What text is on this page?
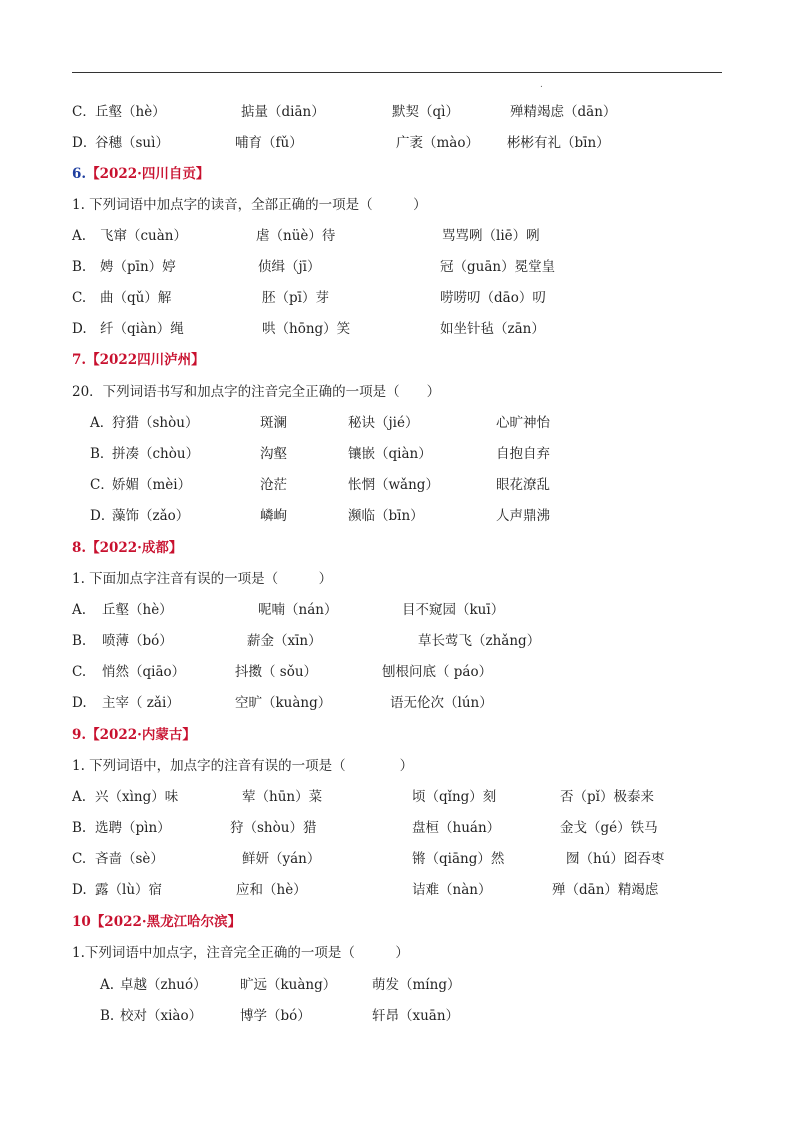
.
C． 丘壑（hè）	掂量（diān）	默契（qì）	殚精竭虑（dān）
D．
谷穗（suì）	哺育（fǔ）	广袤（mào） 彬彬有礼（bīn）
6.【2022·四川自贡】
1. 下列词语中加点字的读音，全部正确的一项是（　　　）
A. 飞窜（cuàn）	虐（nüè）待	骂骂咧（liē）咧
B. 娉（pīn）婷	侦缉（jī）	冠（guān）冕堂皇
C. 曲（qǔ）解	胚（pī）芽	唠唠叨（dāo）叨
D. 纤（qiàn）绳	哄（hōng）笑	如坐针毡（zān）
7.【2022四川泸州】
20．下列词语书写和加点字的注音完全正确的一项是（　　）
A．
狩猎（shòu）	斑澜	秘诀（jié）	心旷神怡
B．
拼凑（chòu）	沟壑	镶嵌（qiàn）	自抱自弃
C．
娇媚（mèi）	沧茫	怅惘（wǎng）	眼花潦乱
D．
藻饰（zǎo）	嶙峋	濒临（bīn）	人声鼎沸
8.【2022·成都】
1. 下面加点字注音有误的一项是（　　　）
A. 丘壑（hè）	呢喃（nán）	目不窥园（kuī）
B. 喷薄（bó）	薪金（xīn）	草长莺飞（zhǎng）
C. 悄然（qiāo）	抖擞（ sǒu）	刨根问底（ páo）
D. 主宰（ zǎi）	空旷（kuàng）	语无伦次（lún）
9.【2022·内蒙古】
1. 下列词语中，加点字的注音有误的一项是（　　　　）
A. 兴（xìng）味	荤（hūn）菜	顷（qǐng）刻	否（pǐ）极泰来
B. 选聘（pìn）	狩（shòu）猎	盘桓（huán）	金戈（gé）铁马
C. 吝啬（sè）	鲜妍（yán）	锵（qiāng）然	囫（hú）囵吞枣
D. 露（lù）宿	应和（hè）	诘难（nàn）	殚（dān）精竭虑
10【2022·黑龙江哈尔滨】
1.下列词语中加点字，注音完全正确的一项是（　　　）
A. 卓越（zhuó） 旷远（kuàng）	萌发（míng）
B. 校对（xiào）	博学（bó）	轩昂（xuān）
